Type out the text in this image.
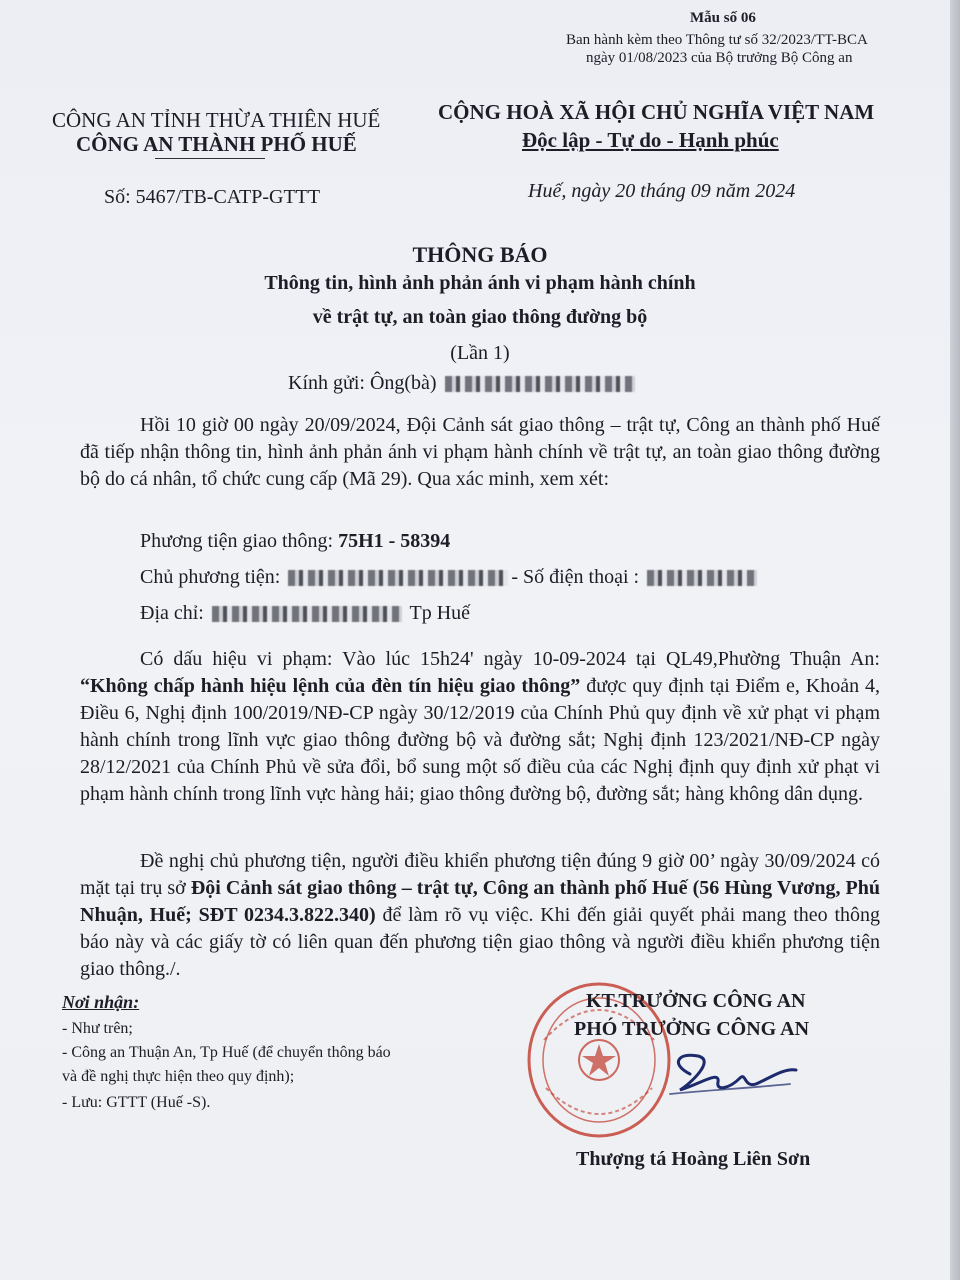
Mẫu số 06
Ban hành kèm theo Thông tư số 32/2023/TT-BCA
ngày 01/08/2023 của Bộ trưởng Bộ Công an
CÔNG AN TỈNH THỪA THIÊN HUẾ
CÔNG AN THÀNH PHỐ HUẾ
CỘNG HOÀ XÃ HỘI CHỦ NGHĨA VIỆT NAM
Độc lập - Tự do - Hạnh phúc
Số: 5467/TB-CATP-GTTT	Huế, ngày 20 tháng 09 năm 2024
THÔNG BÁO
Thông tin, hình ảnh phản ánh vi phạm hành chính
về trật tự, an toàn giao thông đường bộ
(Lần 1)
Kính gửi: Ông(bà)
Hồi 10 giờ 00 ngày 20/09/2024, Đội Cảnh sát giao thông – trật tự, Công an thành phố Huế đã tiếp nhận thông tin, hình ảnh phản ánh vi phạm hành chính về trật tự, an toàn giao thông đường bộ do cá nhân, tổ chức cung cấp (Mã 29). Qua xác minh, xem xét:
Phương tiện giao thông: 75H1 - 58394
Chủ phương tiện:	- Số điện thoại :
Địa chỉ:	Tp Huế
Có dấu hiệu vi phạm: Vào lúc 15h24' ngày 10-09-2024 tại QL49,Phường Thuận An: “Không chấp hành hiệu lệnh của đèn tín hiệu giao thông” được quy định tại Điểm e, Khoản 4, Điều 6, Nghị định 100/2019/NĐ-CP ngày 30/12/2019 của Chính Phủ quy định về xử phạt vi phạm hành chính trong lĩnh vực giao thông đường bộ và đường sắt; Nghị định 123/2021/NĐ-CP ngày 28/12/2021 của Chính Phủ về sửa đổi, bổ sung một số điều của các Nghị định quy định xử phạt vi phạm hành chính trong lĩnh vực hàng hải; giao thông đường bộ, đường sắt; hàng không dân dụng.
Đề nghị chủ phương tiện, người điều khiển phương tiện đúng 9 giờ 00’ ngày 30/09/2024 có mặt tại trụ sở Đội Cảnh sát giao thông – trật tự, Công an thành phố Huế (56 Hùng Vương, Phú Nhuận, Huế; SĐT 0234.3.822.340) để làm rõ vụ việc. Khi đến giải quyết phải mang theo thông báo này và các giấy tờ có liên quan đến phương tiện giao thông và người điều khiển phương tiện giao thông./.
Nơi nhận:
- Như trên;
- Công an Thuận An, Tp Huế (để chuyển thông báo
và đề nghị thực hiện theo quy định);
- Lưu: GTTT (Huế -S).
KT.TRƯỞNG CÔNG AN
PHÓ TRƯỞNG CÔNG AN
Thượng tá Hoàng Liên Sơn
